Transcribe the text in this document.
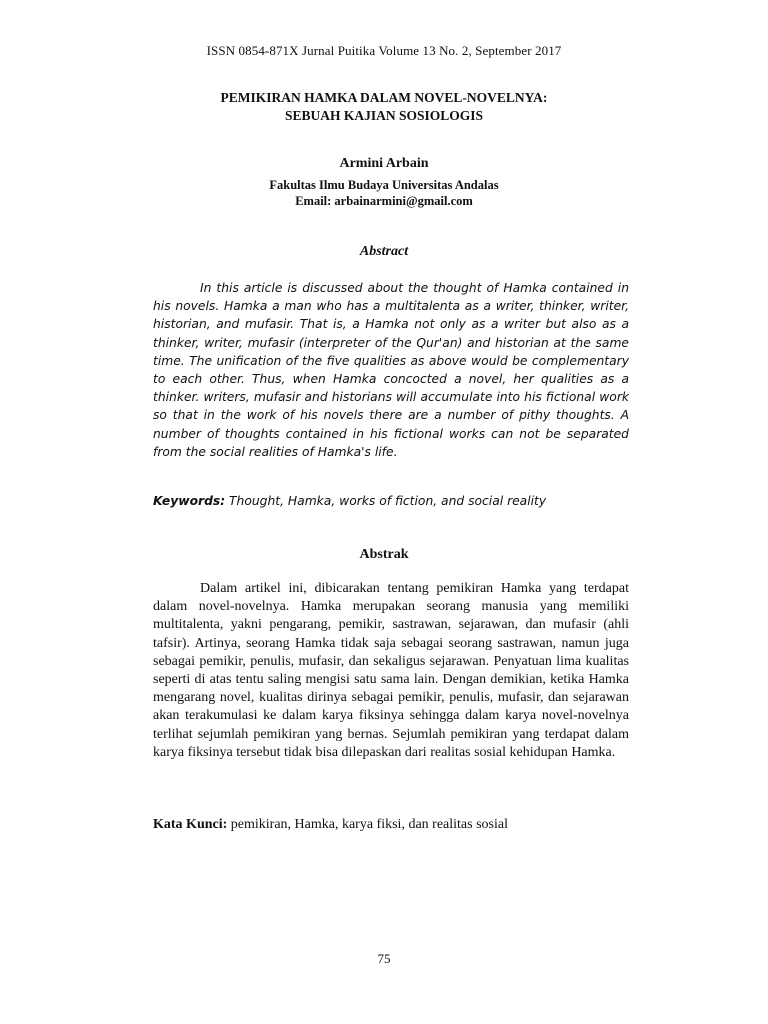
ISSN 0854-871X Jurnal Puitika Volume 13 No. 2, September 2017
PEMIKIRAN HAMKA DALAM NOVEL-NOVELNYA:
SEBUAH KAJIAN SOSIOLOGIS
Armini Arbain
Fakultas Ilmu Budaya Universitas Andalas
Email: arbainarmini@gmail.com
Abstract

In this article is discussed about the thought of Hamka contained in his novels. Hamka a man who has a multitalenta as a writer, thinker, writer, historian, and mufasir. That is, a Hamka not only as a writer but also as a thinker, writer, mufasir (interpreter of the Qur'an) and historian at the same time. The unification of the five qualities as above would be complementary to each other. Thus, when Hamka concocted a novel, her qualities as a thinker. writers, mufasir and historians will accumulate into his fictional work so that in the work of his novels there are a number of pithy thoughts. A number of thoughts contained in his fictional works can not be separated from the social realities of Hamka's life.

Keywords: Thought, Hamka, works of fiction, and social reality

Abstrak

Dalam artikel ini, dibicarakan tentang pemikiran Hamka yang terdapat dalam novel-novelnya. Hamka merupakan seorang manusia yang memiliki multitalenta, yakni pengarang, pemikir, sastrawan, sejarawan, dan mufasir (ahli tafsir). Artinya, seorang Hamka tidak saja sebagai seorang sastrawan, namun juga sebagai pemikir, penulis, mufasir, dan sekaligus sejarawan. Penyatuan lima kualitas seperti di atas tentu saling mengisi satu sama lain. Dengan demikian, ketika Hamka mengarang novel, kualitas dirinya sebagai pemikir, penulis, mufasir, dan sejarawan akan terakumulasi ke dalam karya fiksinya sehingga dalam karya novel-novelnya terlihat sejumlah pemikiran yang bernas. Sejumlah pemikiran yang terdapat dalam karya fiksinya tersebut tidak bisa dilepaskan dari realitas sosial kehidupan Hamka.

Kata Kunci: pemikiran, Hamka, karya fiksi, dan realitas sosial

75
